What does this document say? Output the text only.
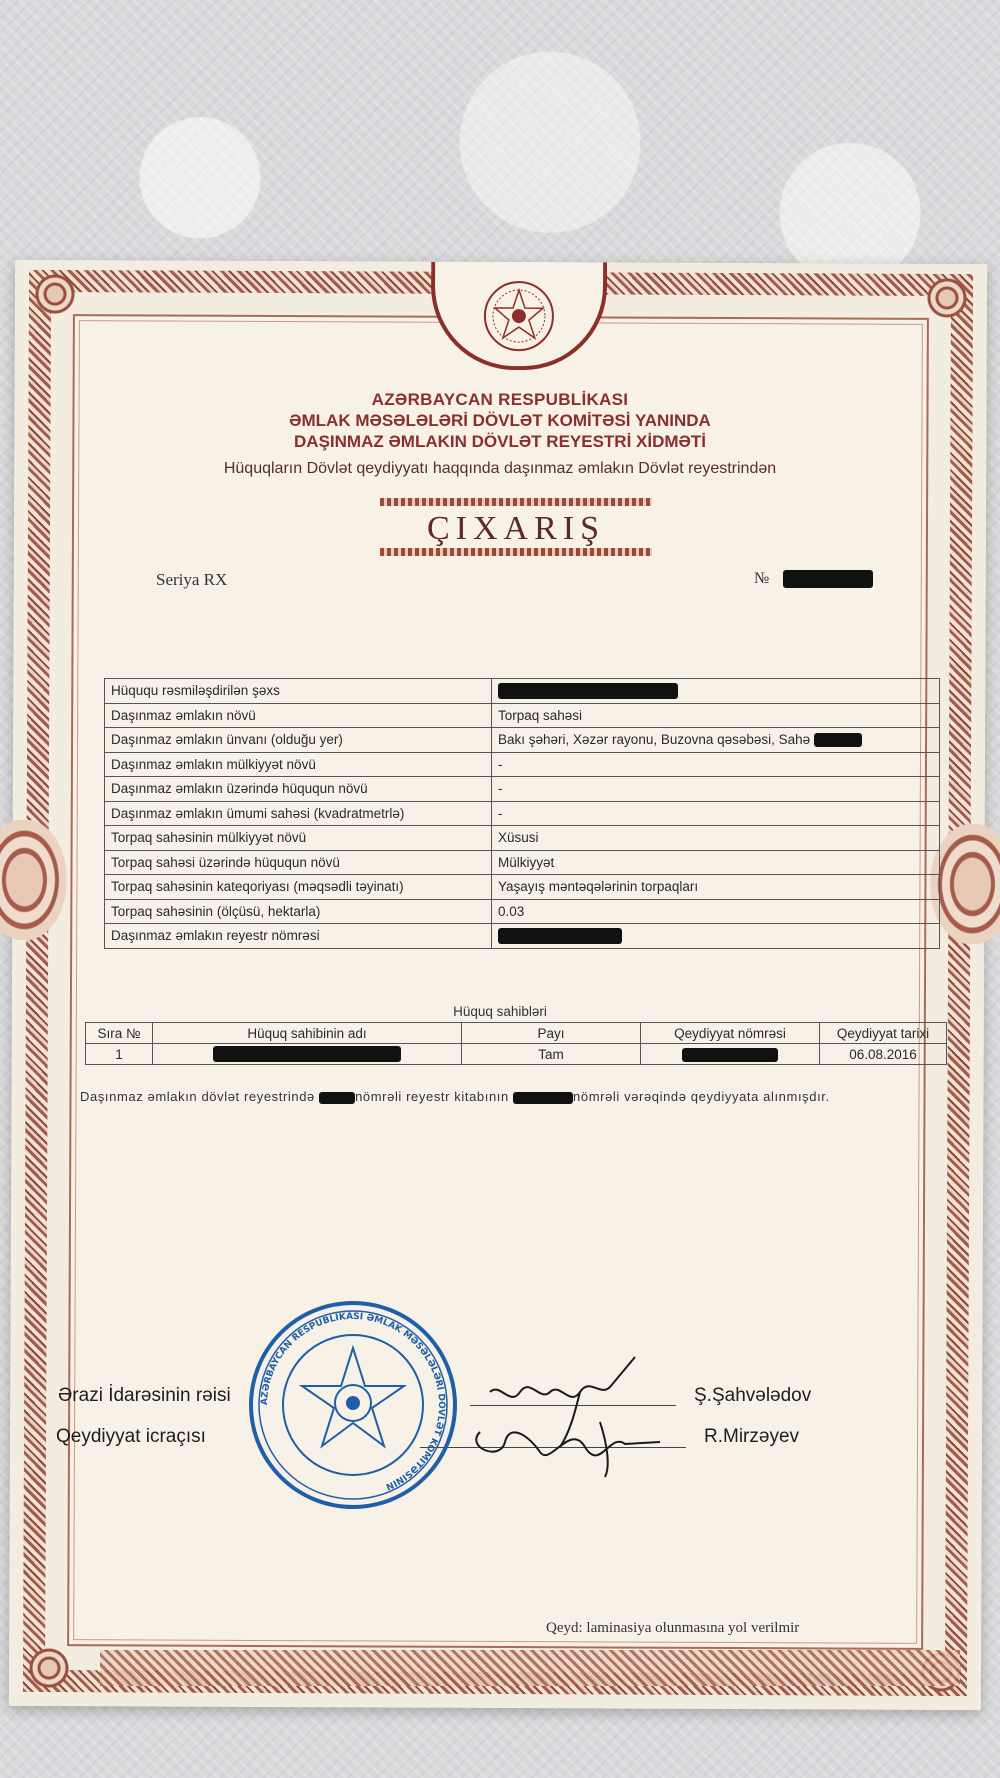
AZƏRBAYCAN RESPUBLİKASI
ƏMLAK MƏSƏLƏLƏRİ DÖVLƏT KOMİTƏSİ YANINDA
DAŞINMAZ ƏMLAKIN DÖVLƏT REYESTRİ XİDMƏTİ
Hüquqların Dövlət qeydiyyatı haqqında daşınmaz əmlakın Dövlət reyestrindən
ÇIXARIŞ
Seriya RX	№
Hüququ rəsmiləşdirilən şəxs	
Daşınmaz əmlakın növü	Torpaq sahəsi
Daşınmaz əmlakın ünvanı (olduğu yer)	Bakı şəhəri, Xəzər rayonu, Buzovna qəsəbəsi, Sahə
Daşınmaz əmlakın mülkiyyət növü	-
Daşınmaz əmlakın üzərində hüququn növü	-
Daşınmaz əmlakın ümumi sahəsi (kvadratmetrlə)	-
Torpaq sahəsinin mülkiyyət növü	Xüsusi
Torpaq sahəsi üzərində hüququn növü	Mülkiyyət
Torpaq sahəsinin kateqoriyası (məqsədli təyinatı)	Yaşayış məntəqələrinin torpaqları
Torpaq sahəsinin (ölçüsü, hektarla)	0.03
Daşınmaz əmlakın reyestr nömrəsi	
Hüquq sahibləri
Sıra №	Hüquq sahibinin adı	Payı	Qeydiyyat nömrəsi	Qeydiyyat tarixi
1		Tam		06.08.2016
Daşınmaz əmlakın dövlət reyestrində	nömrəli reyestr kitabının	nömrəli vərəqində qeydiyyata alınmışdır.
Ərazi İdarəsinin rəisi	Ş.Şahvələdov
Qeydiyyat icraçısı	R.Mirzəyev
AZƏRBAYCAN RESPUBLİKASI ƏMLAK MƏSƏLƏLƏRİ DÖVLƏT KOMİTƏSİNİN
Qeyd: laminasiya olunmasına yol verilmir
